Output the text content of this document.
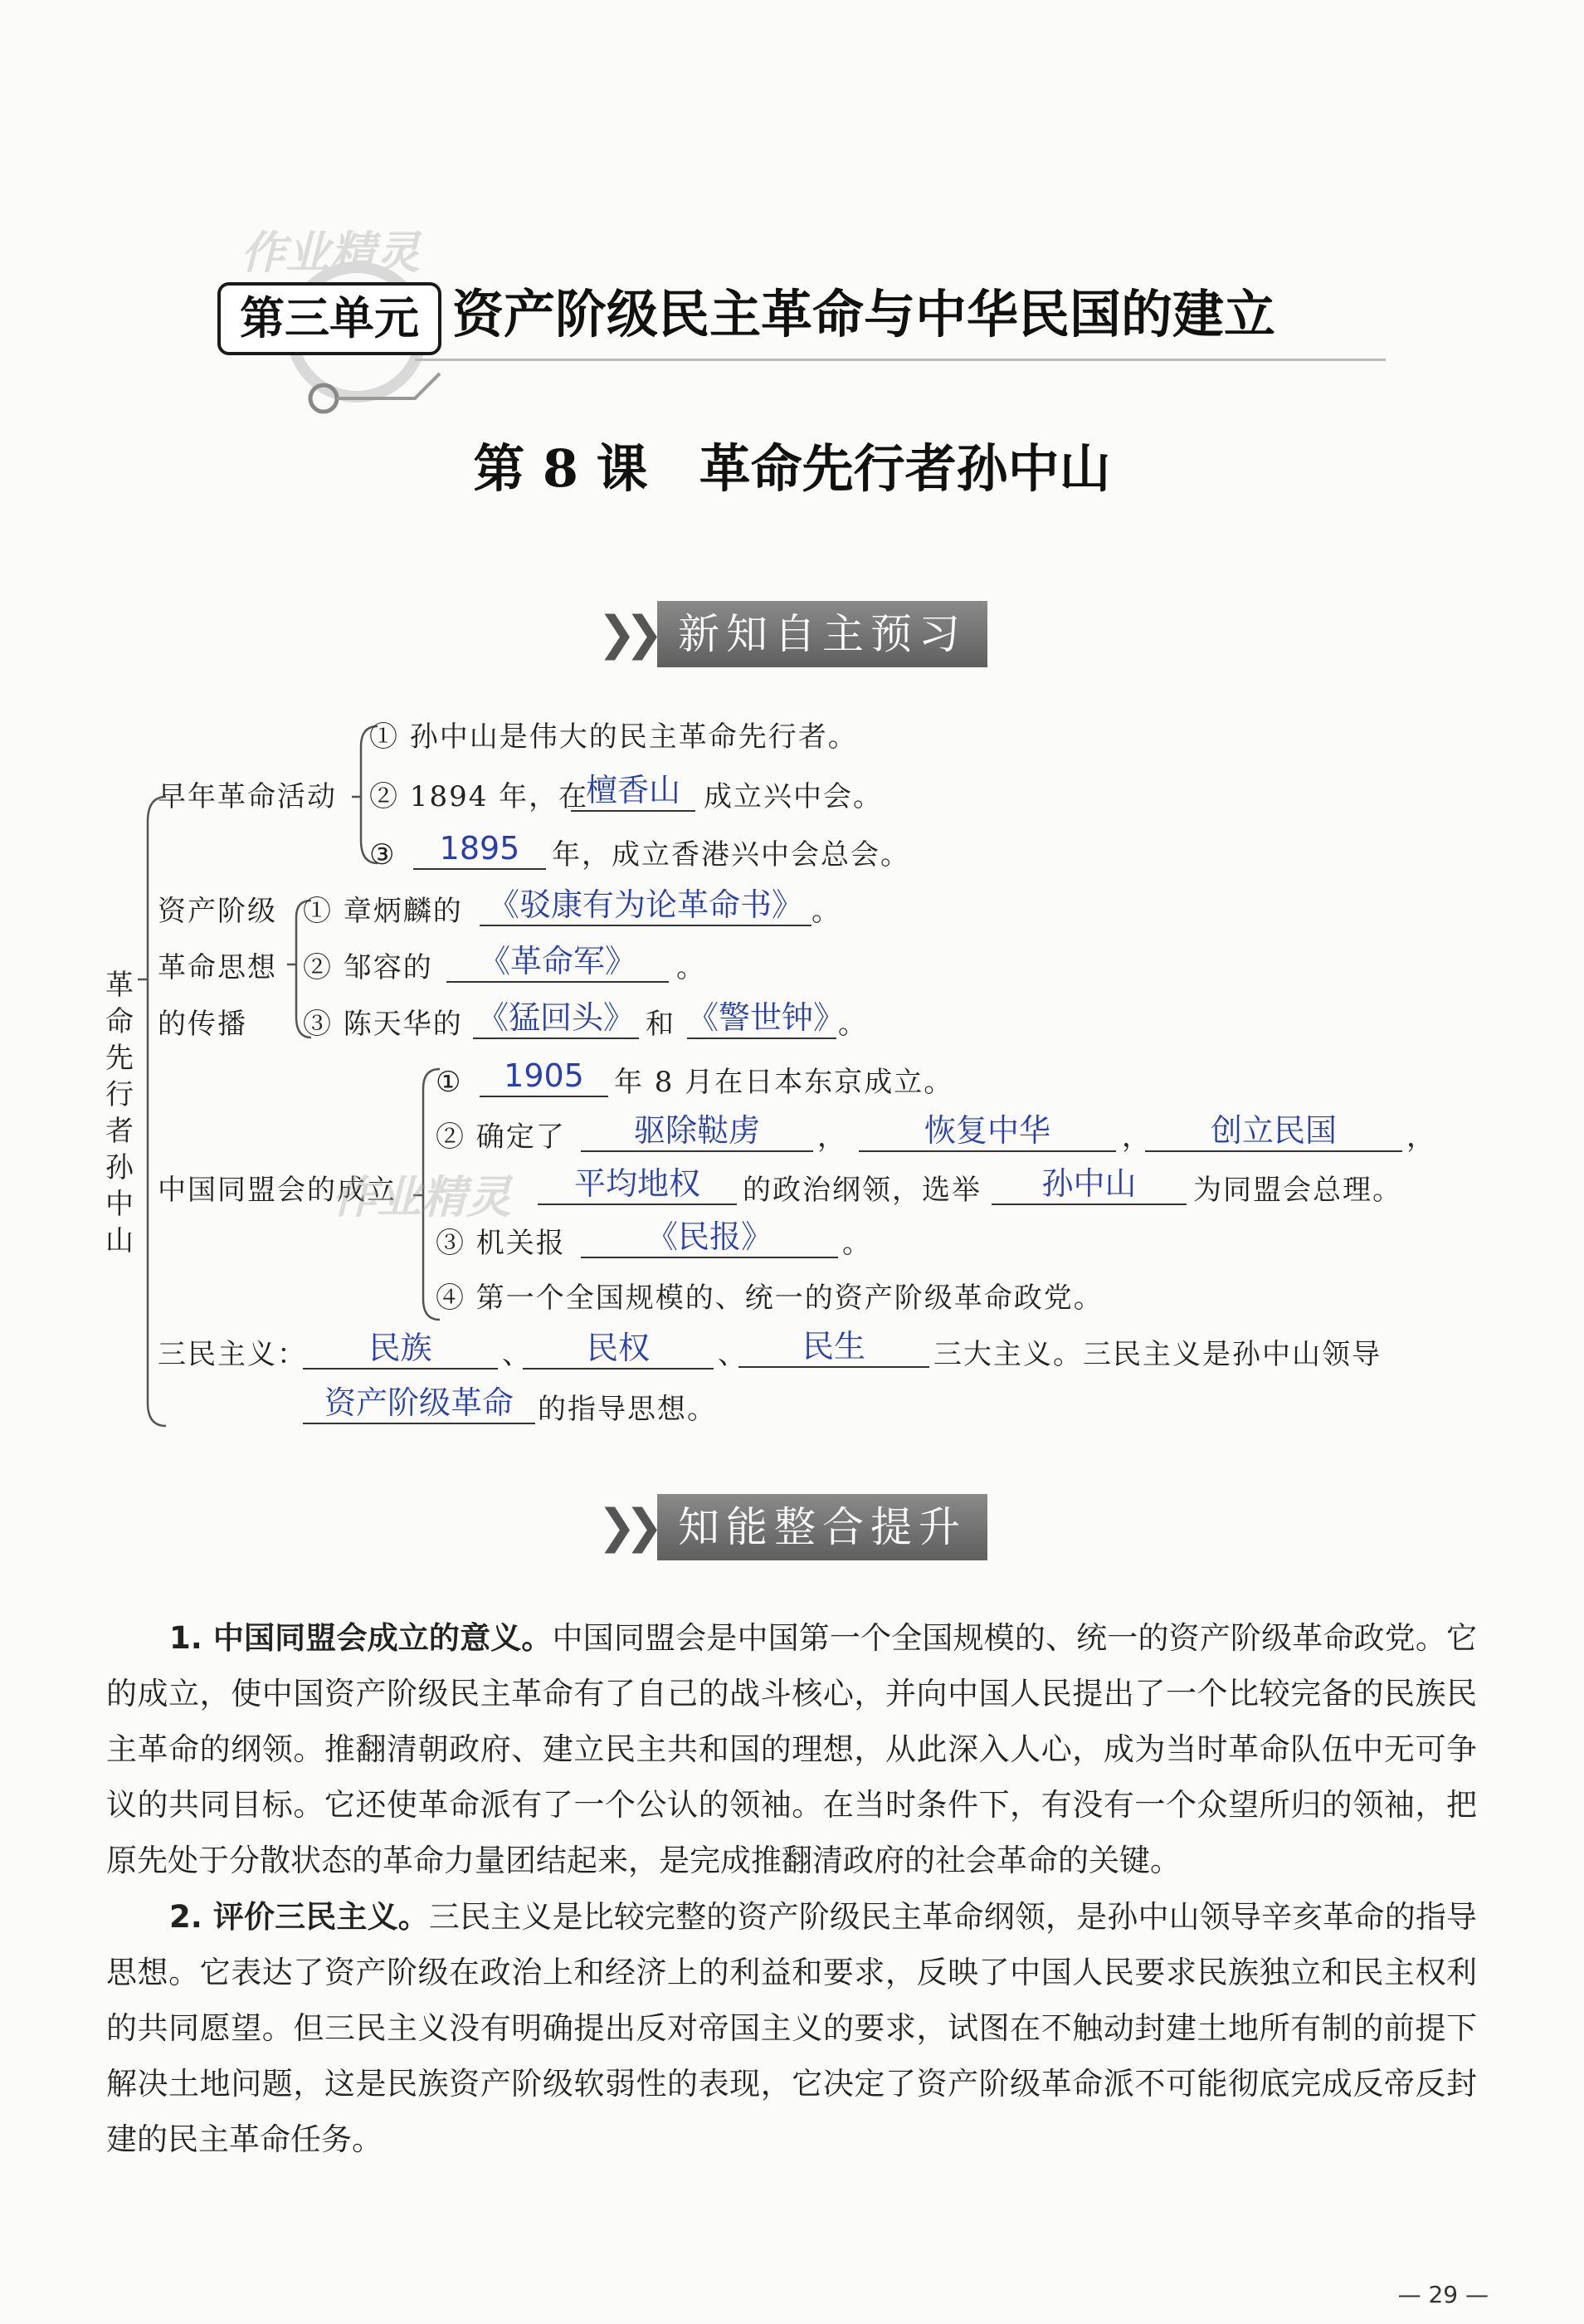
作业精灵
第三单元 资产阶级民主革命与中华民国的建立
第 8 课　革命先行者孙中山
❯❯ 新知自主预习
革
命
先
行
者
孙
中
山
早年革命活动
① 孙中山是伟大的民主革命先行者。
② 1894 年，在
檀香山 成立兴中会。
③	1895	年，成立香港兴中会总会。
资产阶级
革命思想
的传播
① 章炳麟的 《驳康有为论革命书》 。
② 邹容的	《革命军》	。
③ 陈天华的 《猛回头》 和 《警世钟》
。
中国同盟会的成立
作业精灵
①	1905	年 8 月在日本东京成立。
② 确定了	驱除鞑虏	，	恢复中华	，	创立民国	，
平均地权	的政治纲领，选举	孙中山	为同盟会总理。
③ 机关报	《民报》	。
④ 第一个全国规模的、统一的资产阶级革命政党。
三民主义：	民族	、	民权	、	民生	三大主义。三民主义是孙中山领导
资产阶级革命 的指导思想。
❯❯ 知能整合提升
1. 中国同盟会成立的意义。中国同盟会是中国第一个全国规模的、统一的资产阶级革命政党。它的成立，使中国资产阶级民主革命有了自己的战斗核心，并向中国人民提出了一个比较完备的民族民主革命的纲领。推翻清朝政府、建立民主共和国的理想，从此深入人心，成为当时革命队伍中无可争议的共同目标。它还使革命派有了一个公认的领袖。在当时条件下，有没有一个众望所归的领袖，把原先处于分散状态的革命力量团结起来，是完成推翻清政府的社会革命的关键。
2. 评价三民主义。三民主义是比较完整的资产阶级民主革命纲领，是孙中山领导辛亥革命的指导思想。它表达了资产阶级在政治上和经济上的利益和要求，反映了中国人民要求民族独立和民主权利的共同愿望。但三民主义没有明确提出反对帝国主义的要求，试图在不触动封建土地所有制的前提下解决土地问题，这是民族资产阶级软弱性的表现，它决定了资产阶级革命派不可能彻底完成反帝反封建的民主革命任务。
— 29 —
